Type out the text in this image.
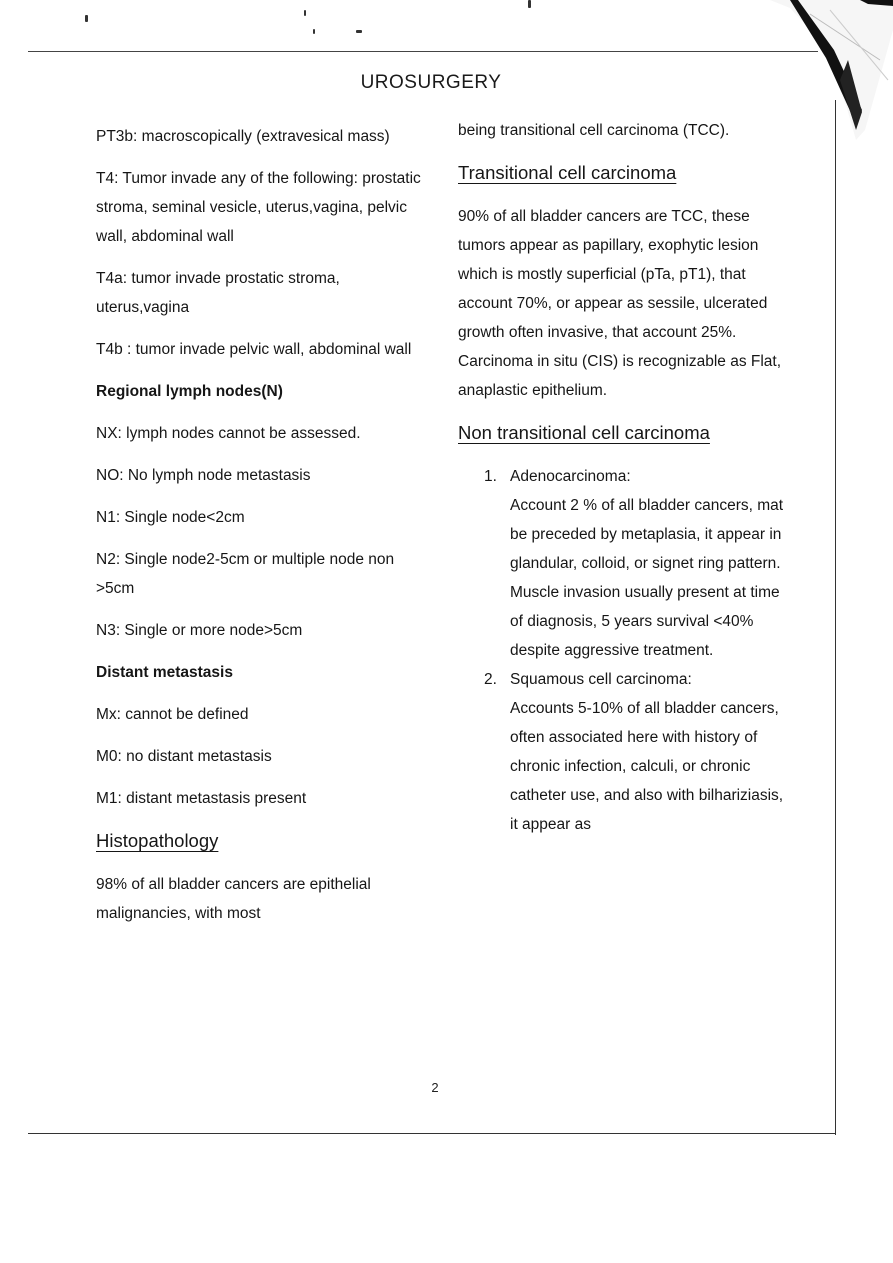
UROSURGERY

PT3b: macroscopically (extravesical mass)

T4: Tumor invade any of the following: prostatic stroma, seminal vesicle, uterus,vagina, pelvic wall, abdominal wall

T4a: tumor invade prostatic stroma, uterus,vagina

T4b : tumor invade pelvic wall, abdominal wall

Regional lymph nodes(N)

NX: lymph nodes cannot be assessed.

NO: No lymph node metastasis

N1: Single node<2cm

N2: Single node2-5cm or multiple node non >5cm

N3: Single or more node>5cm

Distant metastasis

Mx: cannot be defined

M0: no distant metastasis

M1: distant metastasis present

Histopathology

98% of all bladder cancers are epithelial malignancies, with most

being transitional cell carcinoma (TCC).

Transitional cell carcinoma

90% of all bladder cancers are TCC, these tumors appear as papillary, exophytic lesion which is mostly superficial (pTa, pT1), that account 70%, or appear as sessile, ulcerated growth often invasive, that account 25%. Carcinoma in situ (CIS) is recognizable as Flat, anaplastic epithelium.

Non transitional cell carcinoma
1. Adenocarcinoma:
Account 2 % of all bladder cancers, mat be preceded by metaplasia, it appear in glandular, colloid, or signet ring pattern. Muscle invasion usually present at time of diagnosis, 5 years survival <40% despite aggressive treatment.
2. Squamous cell carcinoma:
Accounts 5-10% of all bladder cancers, often associated here with history of chronic infection, calculi, or chronic catheter use, and also with bilhariziasis, it appear as
2
